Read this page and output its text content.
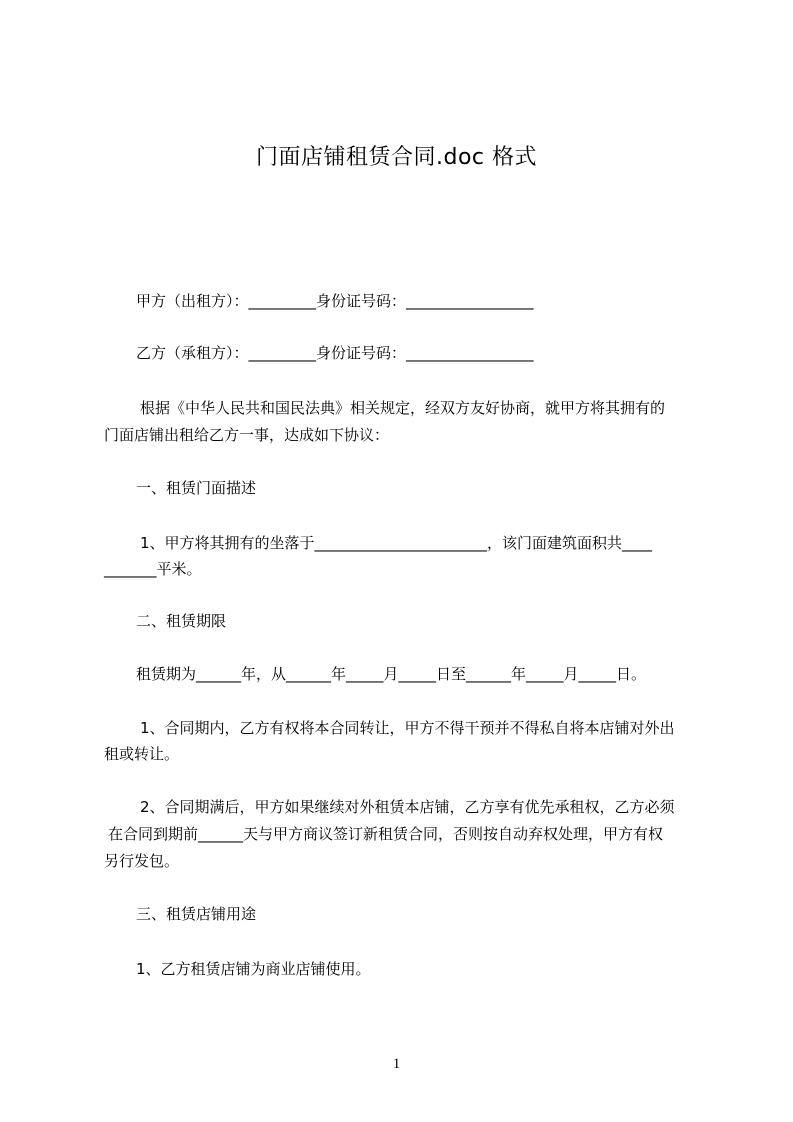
门面店铺租赁合同.doc 格式
甲方（出租方）：_________身份证号码：_________________
乙方（承租方）：_________身份证号码：_________________
根据《中华人民共和国民法典》相关规定，经双方友好协商，就甲方将其拥有的
门面店铺出租给乙方一事，达成如下协议：
一、租赁门面描述
1、甲方将其拥有的坐落于_______________________，该门面建筑面积共____
_______平米。
二、租赁期限
租赁期为______年，从______年_____月_____日至______年_____月_____日。
1、合同期内，乙方有权将本合同转让，甲方不得干预并不得私自将本店铺对外出
租或转让。
2、合同期满后，甲方如果继续对外租赁本店铺，乙方享有优先承租权，乙方必须
在合同到期前______天与甲方商议签订新租赁合同，否则按自动弃权处理，甲方有权
另行发包。
三、租赁店铺用途
1、乙方租赁店铺为商业店铺使用。
1
